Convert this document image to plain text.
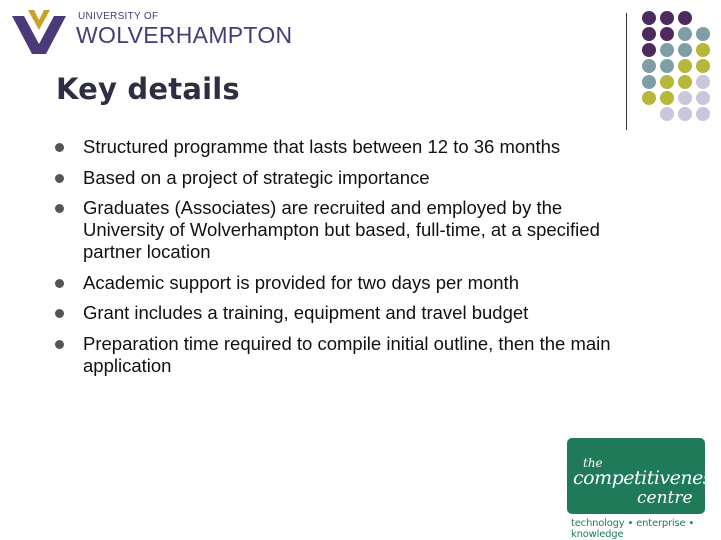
UNIVERSITY OF
WOLVERHAMPTON
Key details
Structured programme that lasts between 12 to 36 months
Based on a project of strategic importance
Graduates (Associates) are recruited and employed by the University of Wolverhampton but based, full-time, at a specified partner location
Academic support is provided for two days per month
Grant includes a training, equipment and travel budget
Preparation time required to compile initial outline, then the main application
the
competitiveness
centre
technology • enterprise • knowledge
